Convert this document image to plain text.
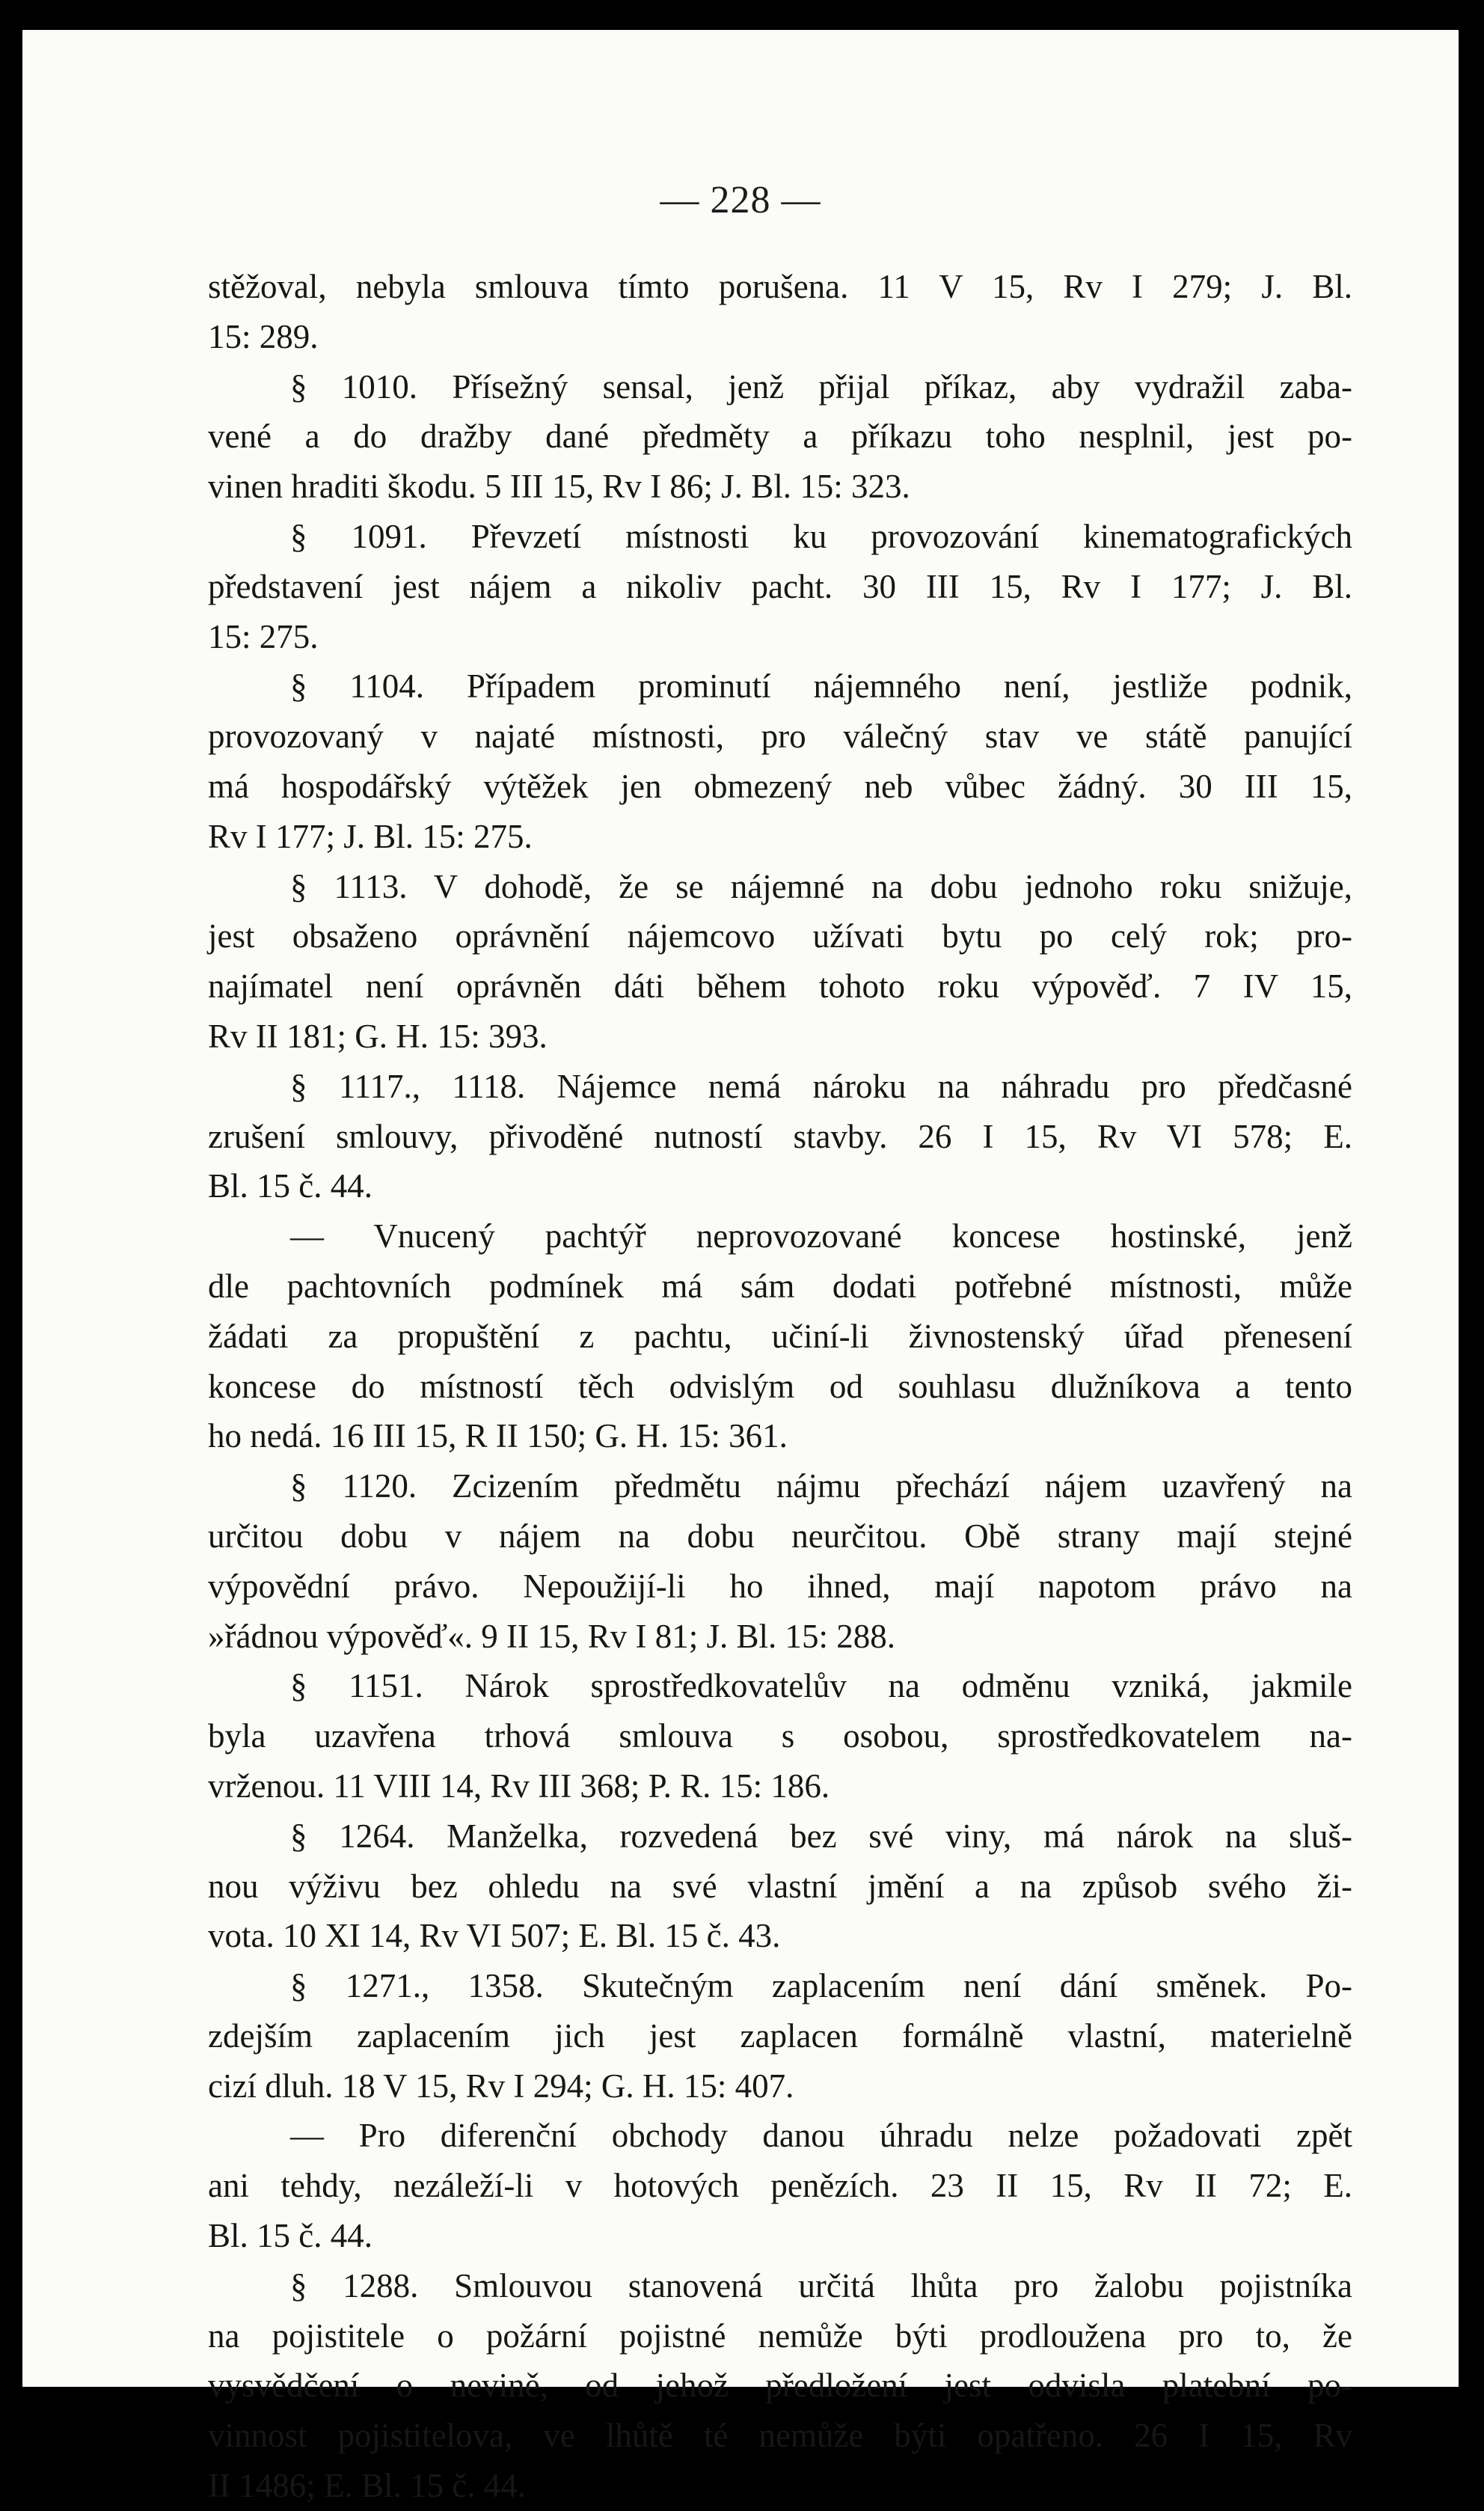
— 228 —
stěžoval, nebyla smlouva tímto porušena. 11 V 15, Rv I 279; J. Bl.
15: 289.
§ 1010. Přísežný sensal, jenž přijal příkaz, aby vydražil zaba-
vené a do dražby dané předměty a příkazu toho nesplnil, jest po-
vinen hraditi škodu. 5 III 15, Rv I 86; J. Bl. 15: 323.
§ 1091. Převzetí místnosti ku provozování kinematografických
představení jest nájem a nikoliv pacht. 30 III 15, Rv I 177; J. Bl.
15: 275.
§ 1104. Případem prominutí nájemného není, jestliže podnik,
provozovaný v najaté místnosti, pro válečný stav ve státě panující
má hospodářský výtěžek jen obmezený neb vůbec žádný. 30 III 15,
Rv I 177; J. Bl. 15: 275.
§ 1113. V dohodě, že se nájemné na dobu jednoho roku snižuje,
jest obsaženo oprávnění nájemcovo užívati bytu po celý rok; pro-
najímatel není oprávněn dáti během tohoto roku výpověď. 7 IV 15,
Rv II 181; G. H. 15: 393.
§ 1117., 1118. Nájemce nemá nároku na náhradu pro předčasné
zrušení smlouvy, přivoděné nutností stavby. 26 I 15, Rv VI 578; E.
Bl. 15 č. 44.
— Vnucený pachtýř neprovozované koncese hostinské, jenž
dle pachtovních podmínek má sám dodati potřebné místnosti, může
žádati za propuštění z pachtu, učiní-li živnostenský úřad přenesení
koncese do místností těch odvislým od souhlasu dlužníkova a tento
ho nedá. 16 III 15, R II 150; G. H. 15: 361.
§ 1120. Zcizením předmětu nájmu přechází nájem uzavřený na
určitou dobu v nájem na dobu neurčitou. Obě strany mají stejné
výpovědní právo. Nepoužijí-li ho ihned, mají napotom právo na
»řádnou výpověď«. 9 II 15, Rv I 81; J. Bl. 15: 288.
§ 1151. Nárok sprostředkovatelův na odměnu vzniká, jakmile
byla uzavřena trhová smlouva s osobou, sprostředkovatelem na-
vrženou. 11 VIII 14, Rv III 368; P. R. 15: 186.
§ 1264. Manželka, rozvedená bez své viny, má nárok na sluš-
nou výživu bez ohledu na své vlastní jmění a na způsob svého ži-
vota. 10 XI 14, Rv VI 507; E. Bl. 15 č. 43.
§ 1271., 1358. Skutečným zaplacením není dání směnek. Po-
zdejším zaplacením jich jest zaplacen formálně vlastní, materielně
cizí dluh. 18 V 15, Rv I 294; G. H. 15: 407.
— Pro diferenční obchody danou úhradu nelze požadovati zpět
ani tehdy, nezáleží-li v hotových penězích. 23 II 15, Rv II 72; E.
Bl. 15 č. 44.
§ 1288. Smlouvou stanovená určitá lhůta pro žalobu pojistníka
na pojistitele o požární pojistné nemůže býti prodloužena pro to, že
vysvědčení o nevině, od jehož předložení jest odvisla platební po-
vinnost pojistitelova, ve lhůtě té nemůže býti opatřeno. 26 I 15, Rv
II 1486; E. Bl. 15 č. 44.
